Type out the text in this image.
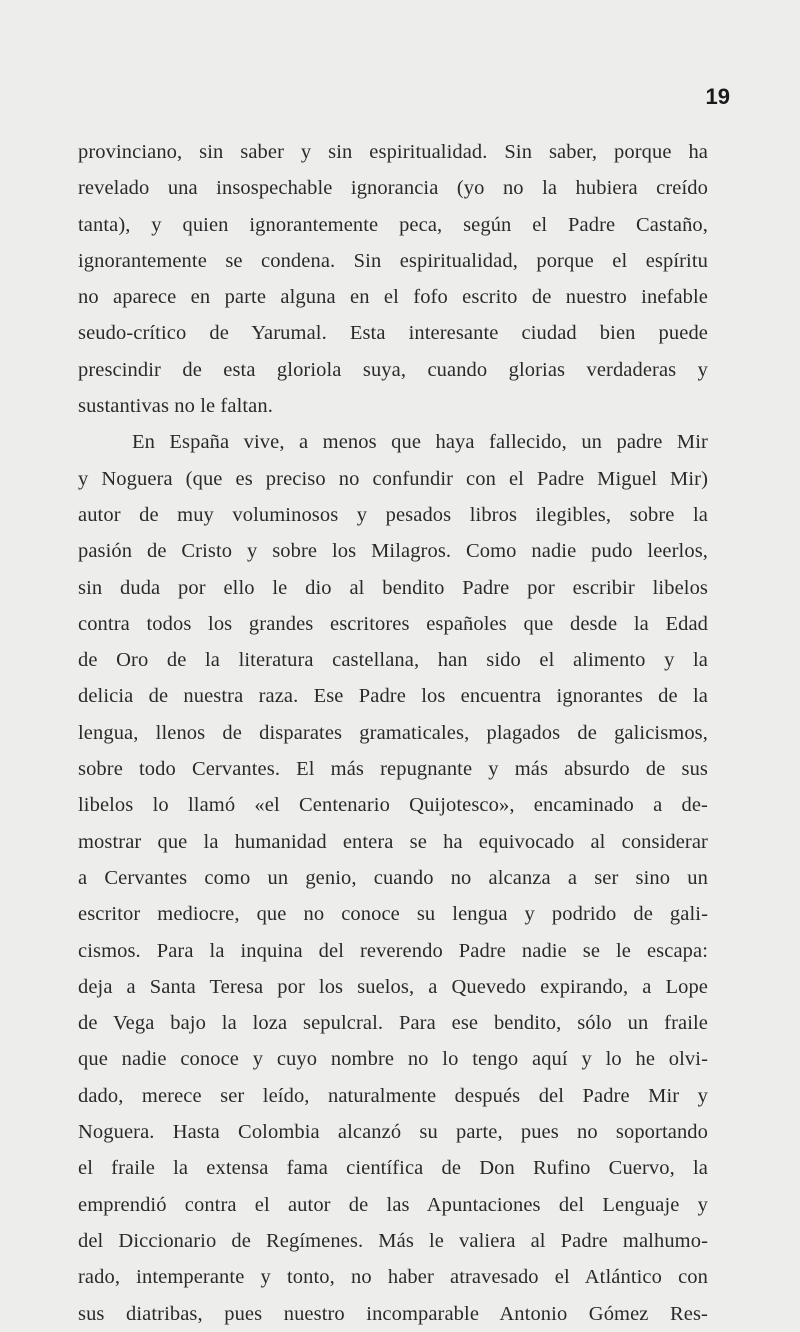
19
provinciano, sin saber y sin espiritualidad. Sin saber, porque ha
revelado una insospechable ignorancia (yo no la hubiera creído
tanta), y quien ignorantemente peca, según el Padre Castaño,
ignorantemente se condena. Sin espiritualidad, porque el espíritu
no aparece en parte alguna en el fofo escrito de nuestro inefable
seudo-crítico de Yarumal. Esta interesante ciudad bien puede
prescindir de esta gloriola suya, cuando glorias verdaderas y
sustantivas no le faltan.
En España vive, a menos que haya fallecido, un padre Mir
y Noguera (que es preciso no confundir con el Padre Miguel Mir)
autor de muy voluminosos y pesados libros ilegibles, sobre la
pasión de Cristo y sobre los Milagros. Como nadie pudo leerlos,
sin duda por ello le dio al bendito Padre por escribir libelos
contra todos los grandes escritores españoles que desde la Edad
de Oro de la literatura castellana, han sido el alimento y la
delicia de nuestra raza. Ese Padre los encuentra ignorantes de la
lengua, llenos de disparates gramaticales, plagados de galicismos,
sobre todo Cervantes. El más repugnante y más absurdo de sus
libelos lo llamó «el Centenario Quijotesco», encaminado a de-
mostrar que la humanidad entera se ha equivocado al considerar
a Cervantes como un genio, cuando no alcanza a ser sino un
escritor mediocre, que no conoce su lengua y podrido de gali-
cismos. Para la inquina del reverendo Padre nadie se le escapa:
deja a Santa Teresa por los suelos, a Quevedo expirando, a Lope
de Vega bajo la loza sepulcral. Para ese bendito, sólo un fraile
que nadie conoce y cuyo nombre no lo tengo aquí y lo he olvi-
dado, merece ser leído, naturalmente después del Padre Mir y
Noguera. Hasta Colombia alcanzó su parte, pues no soportando
el fraile la extensa fama científica de Don Rufino Cuervo, la
emprendió contra el autor de las Apuntaciones del Lenguaje y
del Diccionario de Regímenes. Más le valiera al Padre malhumo-
rado, intemperante y tonto, no haber atravesado el Atlántico con
sus diatribas, pues nuestro incomparable Antonio Gómez Res-
